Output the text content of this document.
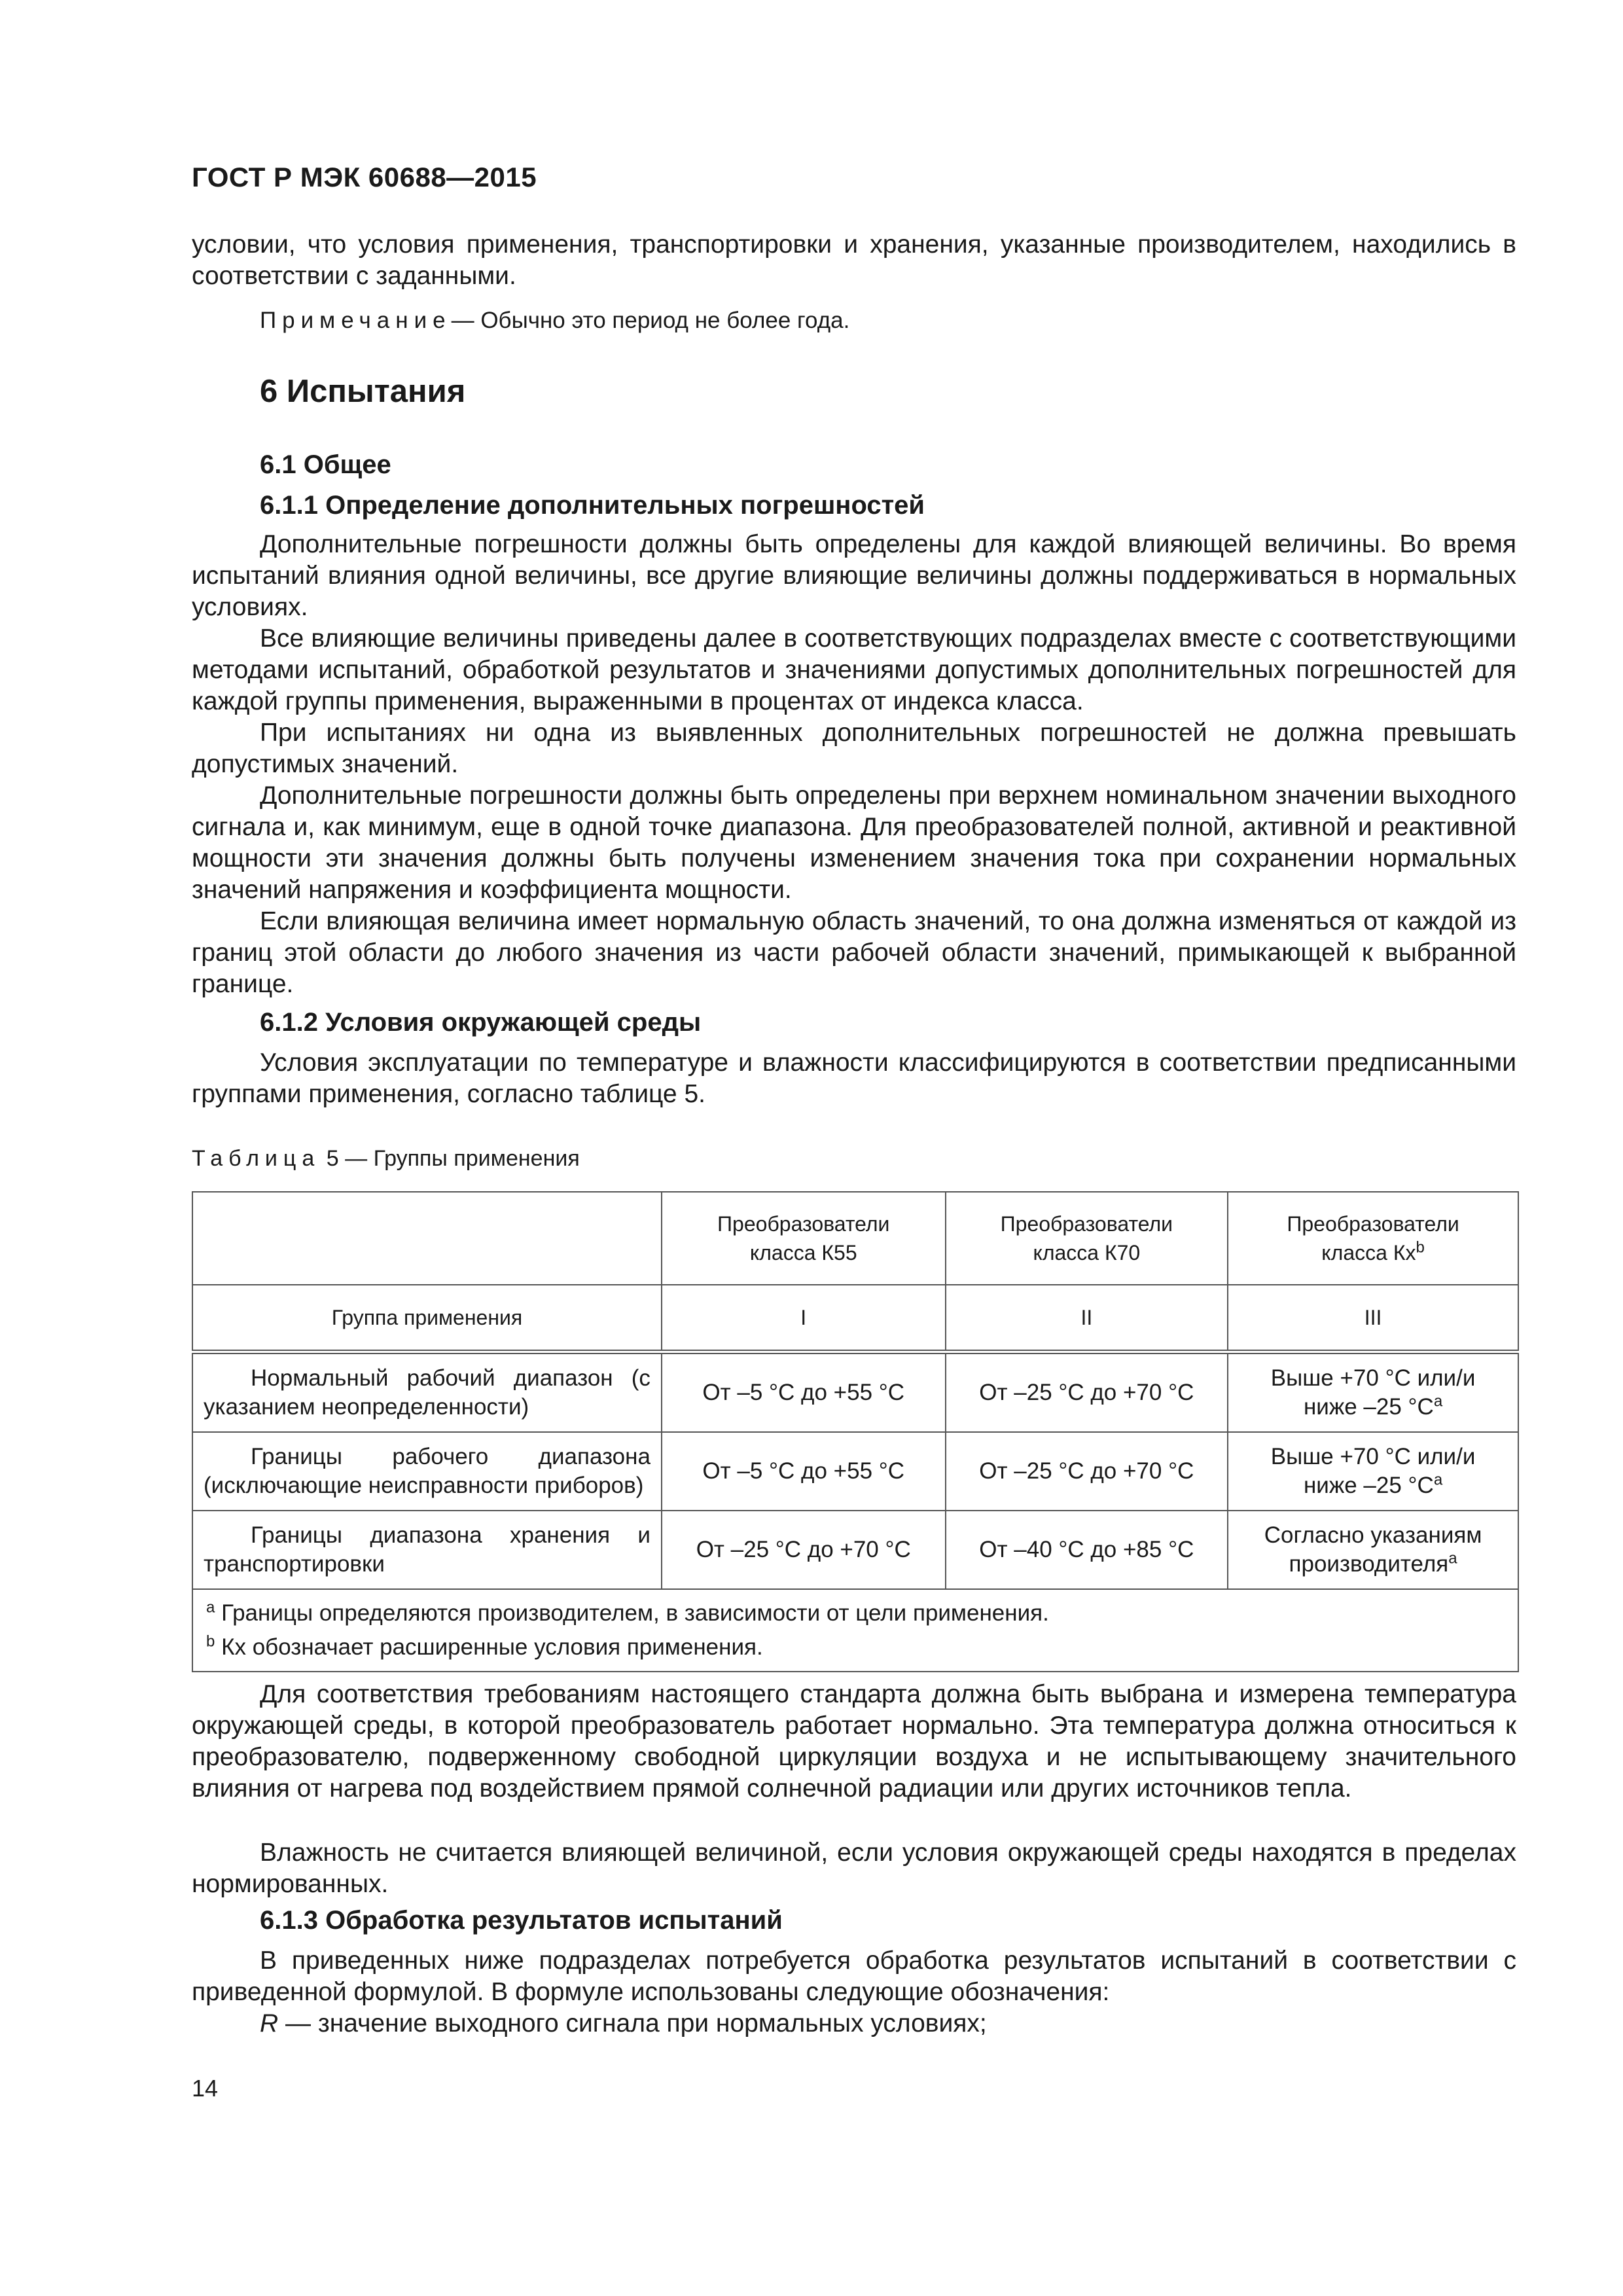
ГОСТ Р МЭК 60688—2015
условии, что условия применения, транспортировки и хранения, указанные производителем, находились в соответствии с заданными.
Примечание— Обычно это период не более года.
6 Испытания
6.1 Общее
6.1.1 Определение дополнительных погрешностей
Дополнительные погрешности должны быть определены для каждой влияющей величины. Во время испытаний влияния одной величины, все другие влияющие величины должны поддерживаться в нормальных условиях.
Все влияющие величины приведены далее в соответствующих подразделах вместе с соответствующими методами испытаний, обработкой результатов и значениями допустимых дополнительных погрешностей для каждой группы применения, выраженными в процентах от индекса класса.
При испытаниях ни одна из выявленных дополнительных погрешностей не должна превышать допустимых значений.
Дополнительные погрешности должны быть определены при верхнем номинальном значении выходного сигнала и, как минимум, еще в одной точке диапазона. Для преобразователей полной, активной и реактивной мощности эти значения должны быть получены изменением значения тока при сохранении нормальных значений напряжения и коэффициента мощности.
Если влияющая величина имеет нормальную область значений, то она должна изменяться от каждой из границ этой области до любого значения из части рабочей области значений, примыкающей к выбранной границе.
6.1.2 Условия окружающей среды
Условия эксплуатации по температуре и влажности классифицируются в соответствии предписанными группами применения, согласно таблице 5.
Таблица 5 — Группы применения

	Преобразователи класса К55	Преобразователи класса К70	Преобразователи класса $Кx^b$

Группа применения	I	II	III
Нормальный рабочий диапазон (с указанием неопределенности)	От –5 °С до +55 °С	От –25 °С до +70 °С	Выше +70 °С или/и ниже –25 $^\circ С^a$

Границы рабочего диапазона (исключающие неисправности приборов)	От –5 °С до +55 °С	От –25 °С до +70 °С	Выше +70 °С или/и ниже –25 $^\circ С^a$

Границы диапазона хранения и транспортировки	От –25 °С до +70 °С	От –40 °С до +85 °С	Согласно указаниям производителя$^a$

$^a$ Границы определяются производителем, в зависимости от цели применения.
$^b$ Кx обозначает расширенные условия применения.			
Для соответствия требованиям настоящего стандарта должна быть выбрана и измерена температура окружающей среды, в которой преобразователь работает нормально. Эта температура должна относиться к преобразователю, подверженному свободной циркуляции воздуха и не испытывающему значительного влияния от нагрева под воздействием прямой солнечной радиации или других источников тепла.
Влажность не считается влияющей величиной, если условия окружающей среды находятся в пределах нормированных.
6.1.3 Обработка результатов испытаний
В приведенных ниже подразделах потребуется обработка результатов испытаний в соответствии с приведенной формулой. В формуле использованы следующие обозначения:
R — значение выходного сигнала при нормальных условиях;
14
